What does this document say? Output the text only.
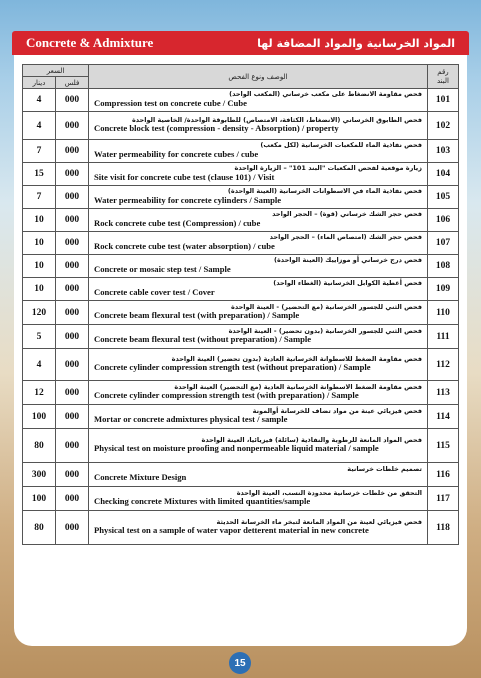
Concrete & Admixture	المواد الخرسانية والمواد المضافة لها
السعر		الوصف ونوع الفحص	رقم البند

دينار	فلس		
4	000	فحص مقاومة الانضغاط على مكعب خرساني (المكعب الواحد)
Compression test on concrete cube / Cube	101
4	000	فحص الطابوق الخرساني (الانضغاط، الكثافة، الامتصاص) للطابوقة الواحدة/ الخاصية الواحدة
Concrete block test (compression - density - Absorption) / property	102
7	000	فحص نفاذية الماء للمكعبات الخرسانية (لكل مكعب)
Water permeability for concrete cubes / cube	103
15	000	زيارة موقعية لفحص المكعبات "البند 101" – الزيارة الواحدة
Site visit for concrete cube test (clause 101) / Visit	104
7	000	فحص نفاذية الماء في الاسطوانات الخرسانية (العينة الواحدة)
Water permeability for concrete cylinders / Sample	105
10	000	فحص حجر الشك خرساني (قوة) – الحجر الواحد
Rock concrete cube test (Compression) / cube	106
10	000	فحص حجر الشك (امتصاص الماء) – الحجر الواحد
Rock concrete cube test (water absorption) / cube	107
10	000	فحص درج خرساني أو موزاييك (العينة الواحدة)
Concrete or mosaic step test / Sample	108
10	000	فحص أغطية الكوابل الخرسانية (الغطاء الواحد)
Concrete cable cover test / Cover	109
120	000	فحص الثني للجسور الخرسانية (مع التحضير) - العينة الواحدة
Concrete beam flexural test (with preparation) / Sample	110
5	000	فحص الثني للجسور الخرسانية (بدون تحضير) - العينة الواحدة
Concrete beam flexural test (without preparation) / Sample	111
4	000	فحص مقاومة الضغط للاسطوانة الخرسانية العادية (بدون تحضير) العينة الواحدة
Concrete cylinder compression strength test (without preparation) / Sample	112
12	000	فحص مقاومة الضغط الاسطوانة الخرسانية العادية (مع التحضير) العينة الواحدة
Concrete cylinder compression strength test (with preparation) / Sample	113
100	000	فحص فيزيائي عينة من مواد تضاف للخرسانة أوالمونة
Mortar or concrete admixtures physical test / sample	114
80	000	فحص المواد المانعة للرطوبة والنفاذية (سائلة) فيزيائيا، العينة الواحدة
Physical test on moisture proofing and nonpermeable liquid material / sample	115
300	000	تصميم خلطات خرسانية
Concrete Mixture Design	116
100	000	التحقق من خلطات خرسانية محدودة النسب، العينة الواحدة
Checking concrete Mixtures with limited quantities/sample	117
80	000	فحص فيزيائي لعينة من المواد المانعة لتبخر ماء الخرسانة الحديثة
Physical test on a sample of water vapor detterent material in new concrete	118
15
